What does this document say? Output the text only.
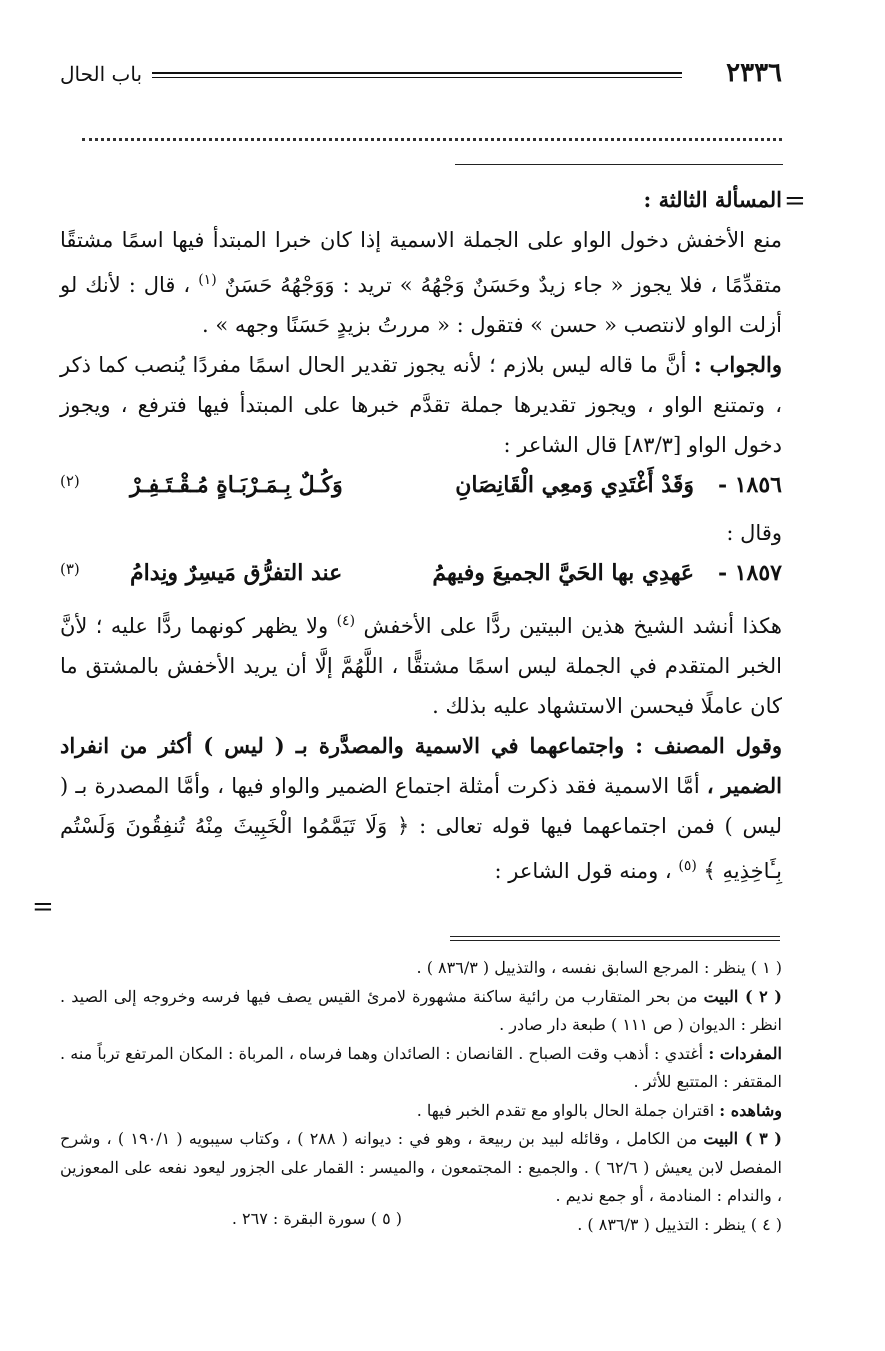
٢٣٣٦
باب الحال
=
=

المسألة الثالثة :

منع الأخفش دخول الواو على الجملة الاسمية إذا كان خبرا المبتدأ فيها اسمًا مشتقًا متقدِّمًا ، فلا يجوز « جاء زيدٌ وحَسَنٌ وَجْهُهُ » تريد : وَوَجْهُهُ حَسَنٌ $^{(١)}$ ، قال : لأنك لو أزلت الواو لانتصب « حسن » فتقول : « مررتُ بزيدٍ حَسَنًا وجهه » .

والجواب : أنَّ ما قاله ليس بلازم ؛ لأنه يجوز تقدير الحال اسمًا مفردًا يُنصب كما ذكر ، وتمتنع الواو ، ويجوز تقديرها جملة تقدَّم خبرها على المبتدأ فيها فترفع ، ويجوز دخول الواو [٨٣/٣] قال الشاعر :

١٨٥٦ -
وَقَدْ أَغْتَدِي وَمعِي الْقَانِصَانِ
وَكُـلٌ بِـمَـرْبَـاةٍ مُـقْـتَـفِـرْ
(٢)

وقال :

١٨٥٧ -
عَهدِي بها الحَيَّ الجميعَ وفيهمُ
عند التفرُّق مَيسِرٌ ونِدامُ
(٣)

هكذا أنشد الشيخ هذين البيتين ردًّا على الأخفش $^{(٤)}$ ولا يظهر كونهما ردًّا عليه ؛ لأنَّ الخبر المتقدم في الجملة ليس اسمًا مشتقًّا ، اللَّهُمَّ إلَّا أن يريد الأخفش بالمشتق ما كان عاملًا فيحسن الاستشهاد عليه بذلك .

وقول المصنف : واجتماعهما في الاسمية والمصدَّرة بـ ( ليس ) أكثر من انفراد الضمير ، أمَّا الاسمية فقد ذكرت أمثلة اجتماع الضمير والواو فيها ، وأمَّا المصدرة بـ ( ليس ) فمن اجتماعهما فيها قوله تعالى : ﴿ وَلَا تَيَمَّمُوا الْخَبِيثَ مِنْهُ تُنفِقُونَ وَلَسْتُم بِـَٔاخِذِيهِ ﴾ $^{(٥)}$ ، ومنه قول الشاعر :

( ١ ) ينظر : المرجع السابق نفسه ، والتذييل ( ٨٣٦/٣ ) .

( ٢ ) البيت من بحر المتقارب من رائية ساكنة مشهورة لامرئ القيس يصف فيها فرسه وخروجه إلى الصيد . انظر : الديوان ( ص ١١١ ) طبعة دار صادر .

المفردات : أغتدي : أذهب وقت الصباح . القانصان : الصائدان وهما فرساه ، المرباة : المكان المرتفع ترباً منه . المقتفر : المتتبع للأثر .

وشاهده : اقتران جملة الحال بالواو مع تقدم الخبر فيها .

( ٣ ) البيت من الكامل ، وقائله لبيد بن ربيعة ، وهو في : ديوانه ( ٢٨٨ ) ، وكتاب سيبويه ( ١٩٠/١ ) ، وشرح المفصل لابن يعيش ( ٦٢/٦ ) . والجميع : المجتمعون ، والميسر : القمار على الجزور ليعود نفعه على المعوزين ، والندام : المنادمة ، أو جمع نديم .

( ٤ ) ينظر : التذييل ( ٨٣٦/٣ ) .
( ٥ ) سورة البقرة : ٢٦٧ .
